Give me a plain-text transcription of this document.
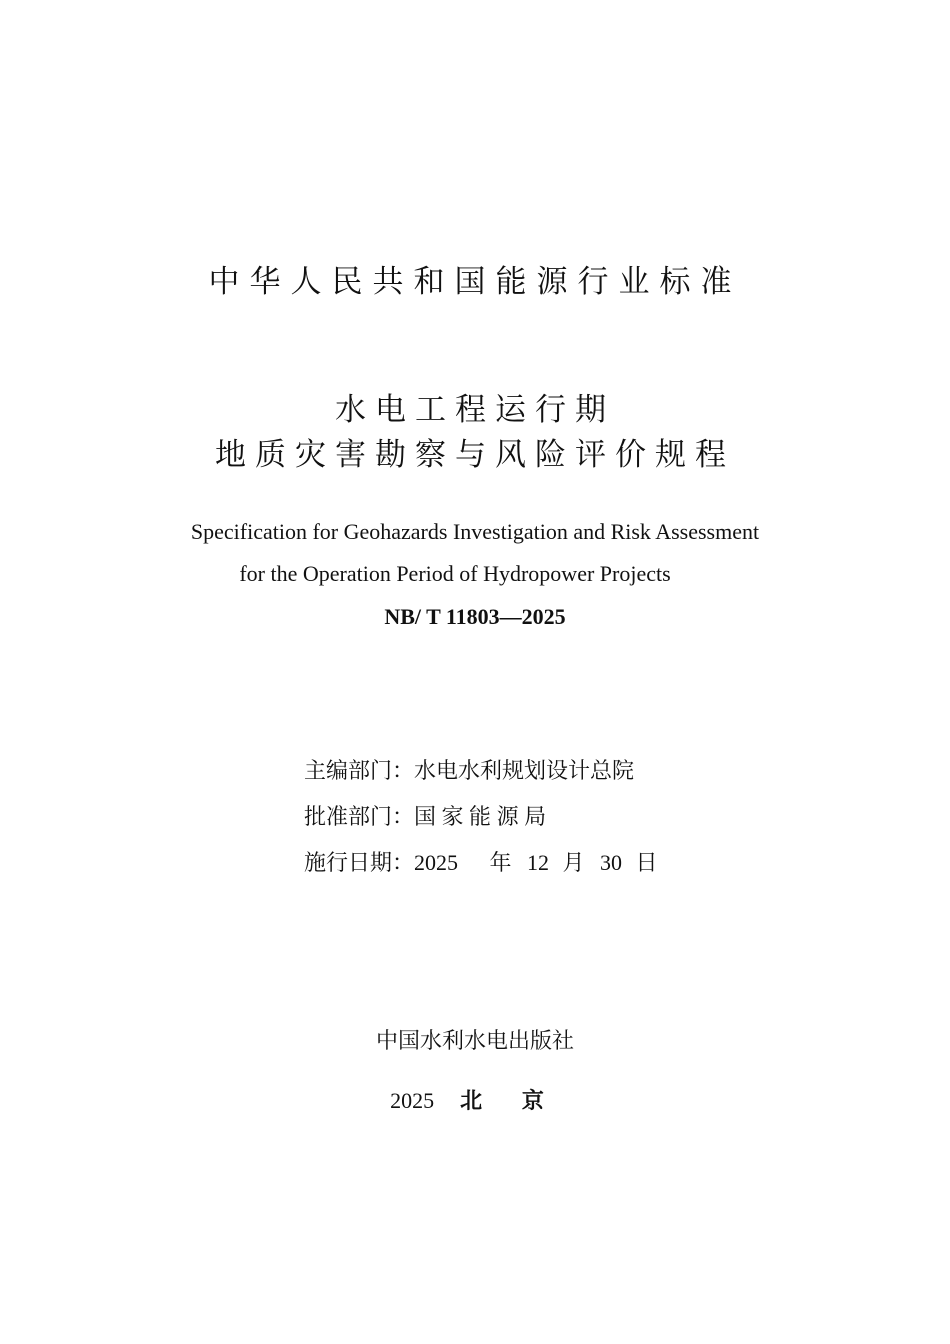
中华人民共和国能源行业标准
水电工程运行期
地质灾害勘察与风险评价规程
Specification for Geohazards Investigation and Risk Assessment
for the Operation Period of Hydropower Projects
NB/ T 11803—2025
主编部门： 水电水利规划设计总院
批准部门： 国 家 能 源 局
施行日期： 2025 年 12 月 30 日
中国水利水电出版社
2025 北 京
